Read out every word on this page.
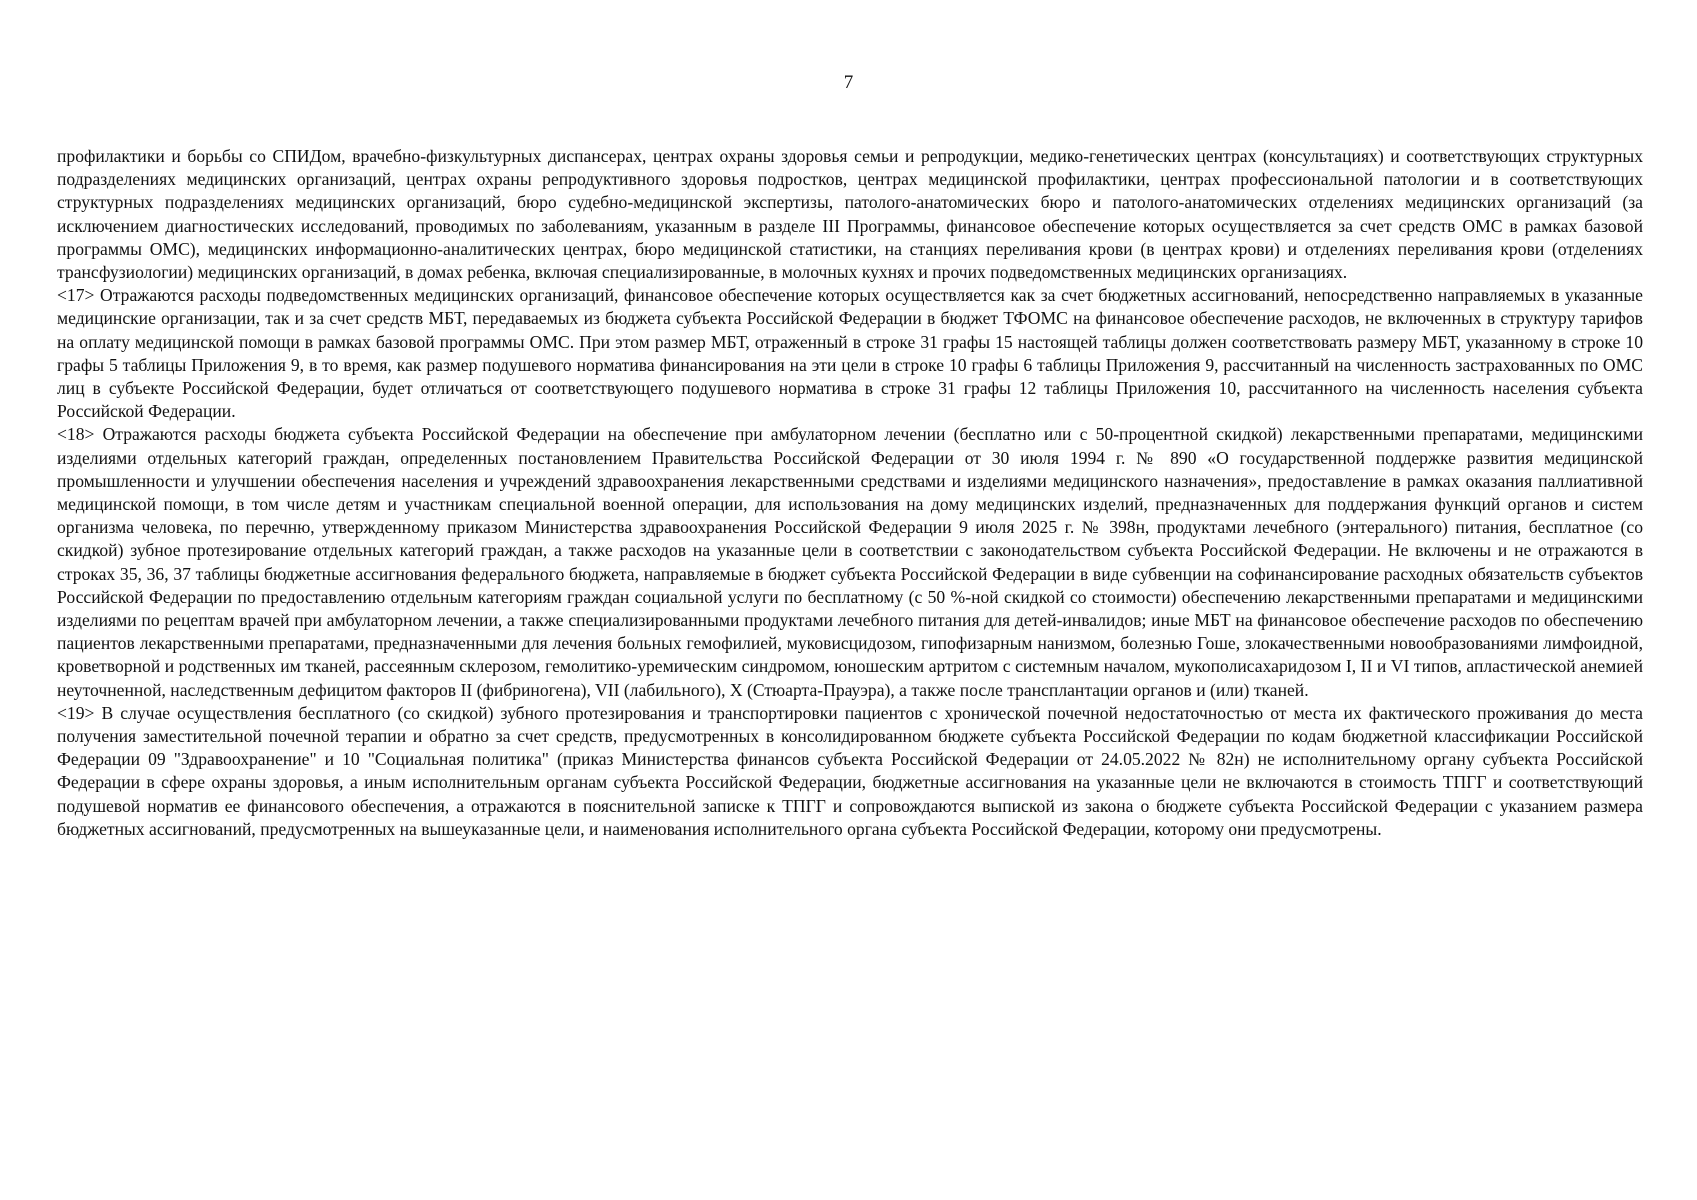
7

профилактики и борьбы со СПИДом, врачебно-физкультурных диспансерах, центрах охраны здоровья семьи и репродукции, медико-генетических центрах (консультациях) и соответствующих структурных подразделениях медицинских организаций, центрах охраны репродуктивного здоровья подростков, центрах медицинской профилактики, центрах профессиональной патологии и в соответствующих структурных подразделениях медицинских организаций, бюро судебно-медицинской экспертизы, патолого-анатомических бюро и патолого-анатомических отделениях медицинских организаций (за исключением диагностических исследований, проводимых по заболеваниям, указанным в разделе III Программы, финансовое обеспечение которых осуществляется за счет средств ОМС в рамках базовой программы ОМС), медицинских информационно-аналитических центрах, бюро медицинской статистики, на станциях переливания крови (в центрах крови) и отделениях переливания крови (отделениях трансфузиологии) медицинских организаций, в домах ребенка, включая специализированные, в молочных кухнях и прочих подведомственных медицинских организациях.

<17> Отражаются расходы подведомственных медицинских организаций, финансовое обеспечение которых осуществляется как за счет бюджетных ассигнований, непосредственно направляемых в указанные медицинские организации, так и за счет средств МБТ, передаваемых из бюджета субъекта Российской Федерации в бюджет ТФОМС на финансовое обеспечение расходов, не включенных в структуру тарифов на оплату медицинской помощи в рамках базовой программы ОМС. При этом размер МБТ, отраженный в строке 31 графы 15 настоящей таблицы должен соответствовать размеру МБТ, указанному в строке 10 графы 5 таблицы Приложения 9, в то время, как размер подушевого норматива финансирования на эти цели в строке 10 графы 6 таблицы Приложения 9, рассчитанный на численность застрахованных по ОМС лиц в субъекте Российской Федерации, будет отличаться от соответствующего подушевого норматива в строке 31 графы 12 таблицы Приложения 10, рассчитанного на численность населения субъекта Российской Федерации.

<18> Отражаются расходы бюджета субъекта Российской Федерации на обеспечение при амбулаторном лечении (бесплатно или с 50-процентной скидкой) лекарственными препаратами, медицинскими изделиями отдельных категорий граждан, определенных постановлением Правительства Российской Федерации от 30 июля 1994 г. № 890 «О государственной поддержке развития медицинской промышленности и улучшении обеспечения населения и учреждений здравоохранения лекарственными средствами и изделиями медицинского назначения», предоставление в рамках оказания паллиативной медицинской помощи, в том числе детям и участникам специальной военной операции, для использования на дому медицинских изделий, предназначенных для поддержания функций органов и систем организма человека, по перечню, утвержденному приказом Министерства здравоохранения Российской Федерации 9 июля 2025 г. № 398н, продуктами лечебного (энтерального) питания, бесплатное (со скидкой) зубное протезирование отдельных категорий граждан, а также расходов на указанные цели в соответствии с законодательством субъекта Российской Федерации. Не включены и не отражаются в строках 35, 36, 37 таблицы бюджетные ассигнования федерального бюджета, направляемые в бюджет субъекта Российской Федерации в виде субвенции на софинансирование расходных обязательств субъектов Российской Федерации по предоставлению отдельным категориям граждан социальной услуги по бесплатному (с 50 %-ной скидкой со стоимости) обеспечению лекарственными препаратами и медицинскими изделиями по рецептам врачей при амбулаторном лечении, а также специализированными продуктами лечебного питания для детей-инвалидов; иные МБТ на финансовое обеспечение расходов по обеспечению пациентов лекарственными препаратами, предназначенными для лечения больных гемофилией, муковисцидозом, гипофизарным нанизмом, болезнью Гоше, злокачественными новообразованиями лимфоидной, кроветворной и родственных им тканей, рассеянным склерозом, гемолитико-уремическим синдромом, юношеским артритом с системным началом, мукополисахаридозом I, II и VI типов, апластической анемией неуточненной, наследственным дефицитом факторов II (фибриногена), VII (лабильного), X (Стюарта-Прауэра), а также после трансплантации органов и (или) тканей.

<19> В случае осуществления бесплатного (со скидкой) зубного протезирования и транспортировки пациентов с хронической почечной недостаточностью от места их фактического проживания до места получения заместительной почечной терапии и обратно за счет средств, предусмотренных в консолидированном бюджете субъекта Российской Федерации по кодам бюджетной классификации Российской Федерации 09 "Здравоохранение" и 10 "Социальная политика" (приказ Министерства финансов субъекта Российской Федерации от 24.05.2022 № 82н) не исполнительному органу субъекта Российской Федерации в сфере охраны здоровья, а иным исполнительным органам субъекта Российской Федерации, бюджетные ассигнования на указанные цели не включаются в стоимость ТПГГ и соответствующий подушевой норматив ее финансового обеспечения, а отражаются в пояснительной записке к ТПГГ и сопровождаются выпиской из закона о бюджете субъекта Российской Федерации с указанием размера бюджетных ассигнований, предусмотренных на вышеуказанные цели, и наименования исполнительного органа субъекта Российской Федерации, которому они предусмотрены.
